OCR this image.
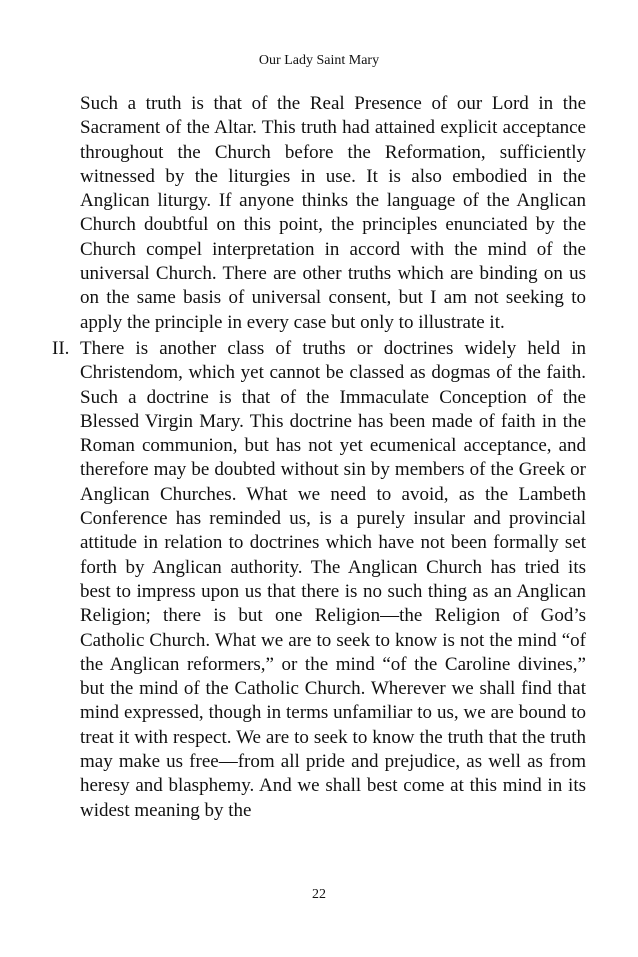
Our Lady Saint Mary

Such a truth is that of the Real Presence of our Lord in the Sacrament of the Altar. This truth had attained explicit acceptance throughout the Church before the Reformation, sufficiently witnessed by the liturgies in use. It is also embodied in the Anglican liturgy. If anyone thinks the language of the Anglican Church doubtful on this point, the principles enunciated by the Church compel interpretation in accord with the mind of the universal Church. There are other truths which are binding on us on the same basis of universal consent, but I am not seeking to apply the principle in every case but only to illustrate it.

II. There is another class of truths or doctrines widely held in Christendom, which yet cannot be classed as dogmas of the faith. Such a doctrine is that of the Immaculate Conception of the Blessed Virgin Mary. This doctrine has been made of faith in the Roman communion, but has not yet ecumenical acceptance, and therefore may be doubted without sin by members of the Greek or Anglican Churches. What we need to avoid, as the Lambeth Conference has reminded us, is a purely insular and provincial attitude in relation to doctrines which have not been formally set forth by Anglican authority. The Anglican Church has tried its best to impress upon us that there is no such thing as an Anglican Religion; there is but one Religion—the Religion of God’s Catholic Church. What we are to seek to know is not the mind “of the Anglican reformers,” or the mind “of the Caroline divines,” but the mind of the Catholic Church. Wherever we shall find that mind expressed, though in terms unfamiliar to us, we are bound to treat it with respect. We are to seek to know the truth that the truth may make us free—from all pride and prejudice, as well as from heresy and blasphemy. And we shall best come at this mind in its widest meaning by the

22
